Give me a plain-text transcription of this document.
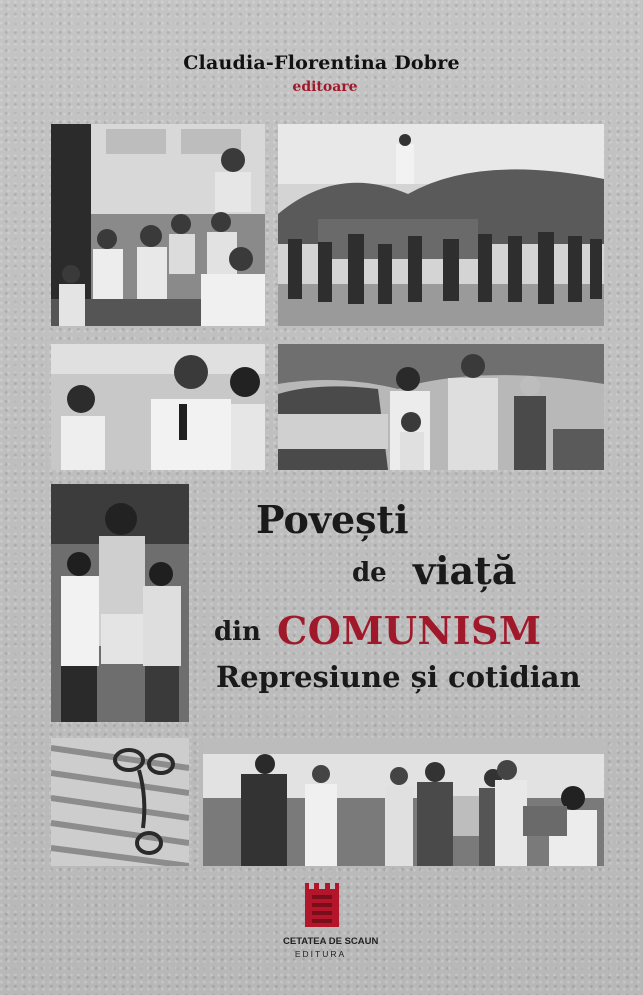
Claudia-Florentina Dobre
editoare
Povești
de viață
din COMUNISM
Represiune și cotidian
CETATEA DE SCAUN
EDITURA
